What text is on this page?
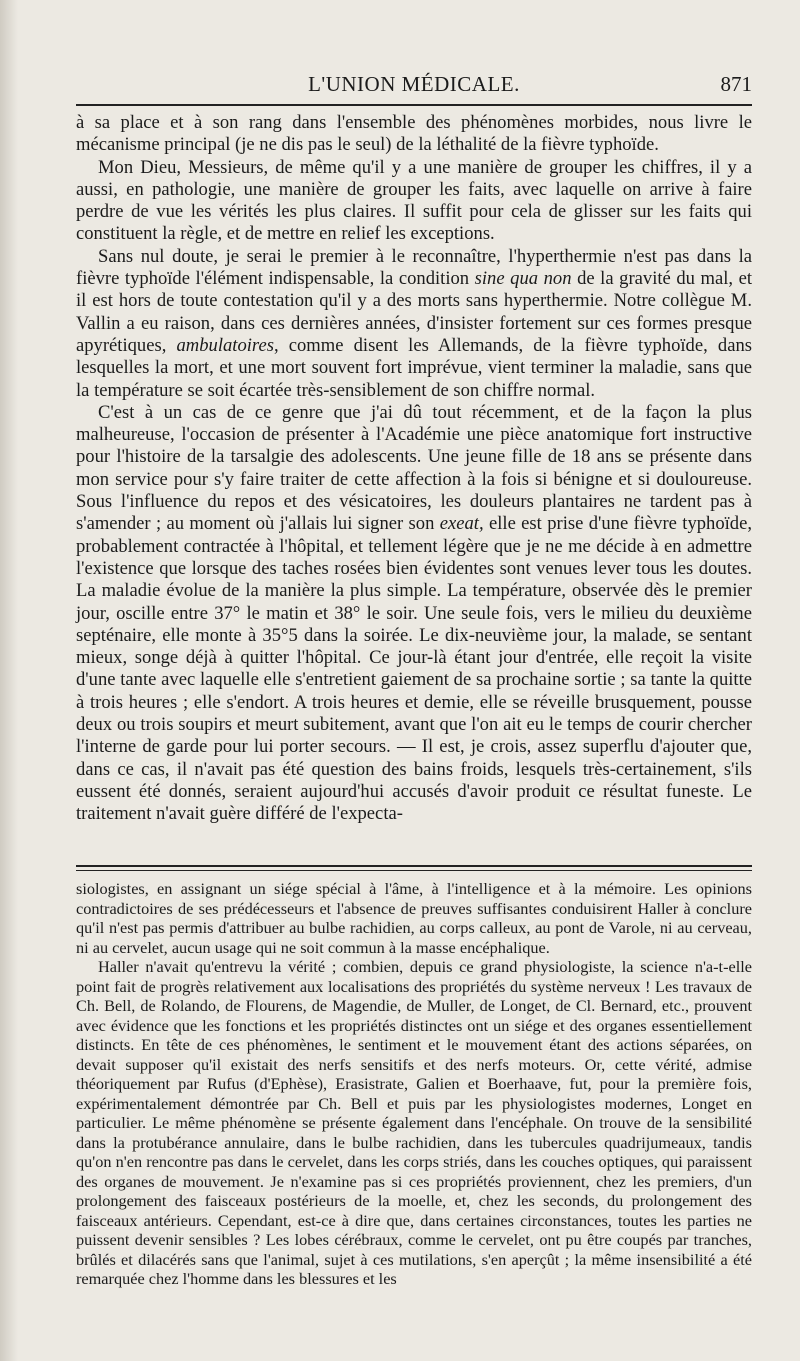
L'UNION MÉDICALE.	871

à sa place et à son rang dans l'ensemble des phénomènes morbides, nous livre le mécanisme principal (je ne dis pas le seul) de la léthalité de la fièvre typhoïde.

Mon Dieu, Messieurs, de même qu'il y a une manière de grouper les chiffres, il y a aussi, en pathologie, une manière de grouper les faits, avec laquelle on arrive à faire perdre de vue les vérités les plus claires. Il suffit pour cela de glisser sur les faits qui constituent la règle, et de mettre en relief les exceptions.

Sans nul doute, je serai le premier à le reconnaître, l'hyperthermie n'est pas dans la fièvre typhoïde l'élément indispensable, la condition sine qua non de la gravité du mal, et il est hors de toute contestation qu'il y a des morts sans hyperthermie. Notre collègue M. Vallin a eu raison, dans ces dernières années, d'insister fortement sur ces formes presque apyrétiques, ambulatoires, comme disent les Allemands, de la fièvre typhoïde, dans lesquelles la mort, et une mort souvent fort imprévue, vient terminer la maladie, sans que la température se soit écartée très-sensiblement de son chiffre normal.

C'est à un cas de ce genre que j'ai dû tout récemment, et de la façon la plus malheureuse, l'occasion de présenter à l'Académie une pièce anatomique fort instructive pour l'histoire de la tarsalgie des adolescents. Une jeune fille de 18 ans se présente dans mon service pour s'y faire traiter de cette affection à la fois si bénigne et si douloureuse. Sous l'influence du repos et des vésicatoires, les douleurs plantaires ne tardent pas à s'amender ; au moment où j'allais lui signer son exeat, elle est prise d'une fièvre typhoïde, probablement contractée à l'hôpital, et tellement légère que je ne me décide à en admettre l'existence que lorsque des taches rosées bien évidentes sont venues lever tous les doutes. La maladie évolue de la manière la plus simple. La température, observée dès le premier jour, oscille entre 37° le matin et 38° le soir. Une seule fois, vers le milieu du deuxième septénaire, elle monte à 35°5 dans la soirée. Le dix-neuvième jour, la malade, se sentant mieux, songe déjà à quitter l'hôpital. Ce jour-là étant jour d'entrée, elle reçoit la visite d'une tante avec laquelle elle s'entretient gaiement de sa prochaine sortie ; sa tante la quitte à trois heures ; elle s'endort. A trois heures et demie, elle se réveille brusquement, pousse deux ou trois soupirs et meurt subitement, avant que l'on ait eu le temps de courir chercher l'interne de garde pour lui porter secours. — Il est, je crois, assez superflu d'ajouter que, dans ce cas, il n'avait pas été question des bains froids, lesquels très-certainement, s'ils eussent été donnés, seraient aujourd'hui accusés d'avoir produit ce résultat funeste. Le traitement n'avait guère différé de l'expecta-

siologistes, en assignant un siége spécial à l'âme, à l'intelligence et à la mémoire. Les opinions contradictoires de ses prédécesseurs et l'absence de preuves suffisantes conduisirent Haller à conclure qu'il n'est pas permis d'attribuer au bulbe rachidien, au corps calleux, au pont de Varole, ni au cerveau, ni au cervelet, aucun usage qui ne soit commun à la masse encéphalique.

Haller n'avait qu'entrevu la vérité ; combien, depuis ce grand physiologiste, la science n'a-t-elle point fait de progrès relativement aux localisations des propriétés du système nerveux ! Les travaux de Ch. Bell, de Rolando, de Flourens, de Magendie, de Muller, de Longet, de Cl. Bernard, etc., prouvent avec évidence que les fonctions et les propriétés distinctes ont un siége et des organes essentiellement distincts. En tête de ces phénomènes, le sentiment et le mouvement étant des actions séparées, on devait supposer qu'il existait des nerfs sensitifs et des nerfs moteurs. Or, cette vérité, admise théoriquement par Rufus (d'Ephèse), Erasistrate, Galien et Boerhaave, fut, pour la première fois, expérimentalement démontrée par Ch. Bell et puis par les physiologistes modernes, Longet en particulier. Le même phénomène se présente également dans l'encéphale. On trouve de la sensibilité dans la protubérance annulaire, dans le bulbe rachidien, dans les tubercules quadrijumeaux, tandis qu'on n'en rencontre pas dans le cervelet, dans les corps striés, dans les couches optiques, qui paraissent des organes de mouvement. Je n'examine pas si ces propriétés proviennent, chez les premiers, d'un prolongement des faisceaux postérieurs de la moelle, et, chez les seconds, du prolongement des faisceaux antérieurs. Cependant, est-ce à dire que, dans certaines circonstances, toutes les parties ne puissent devenir sensibles ? Les lobes cérébraux, comme le cervelet, ont pu être coupés par tranches, brûlés et dilacérés sans que l'animal, sujet à ces mutilations, s'en aperçût ; la même insensibilité a été remarquée chez l'homme dans les blessures et les
